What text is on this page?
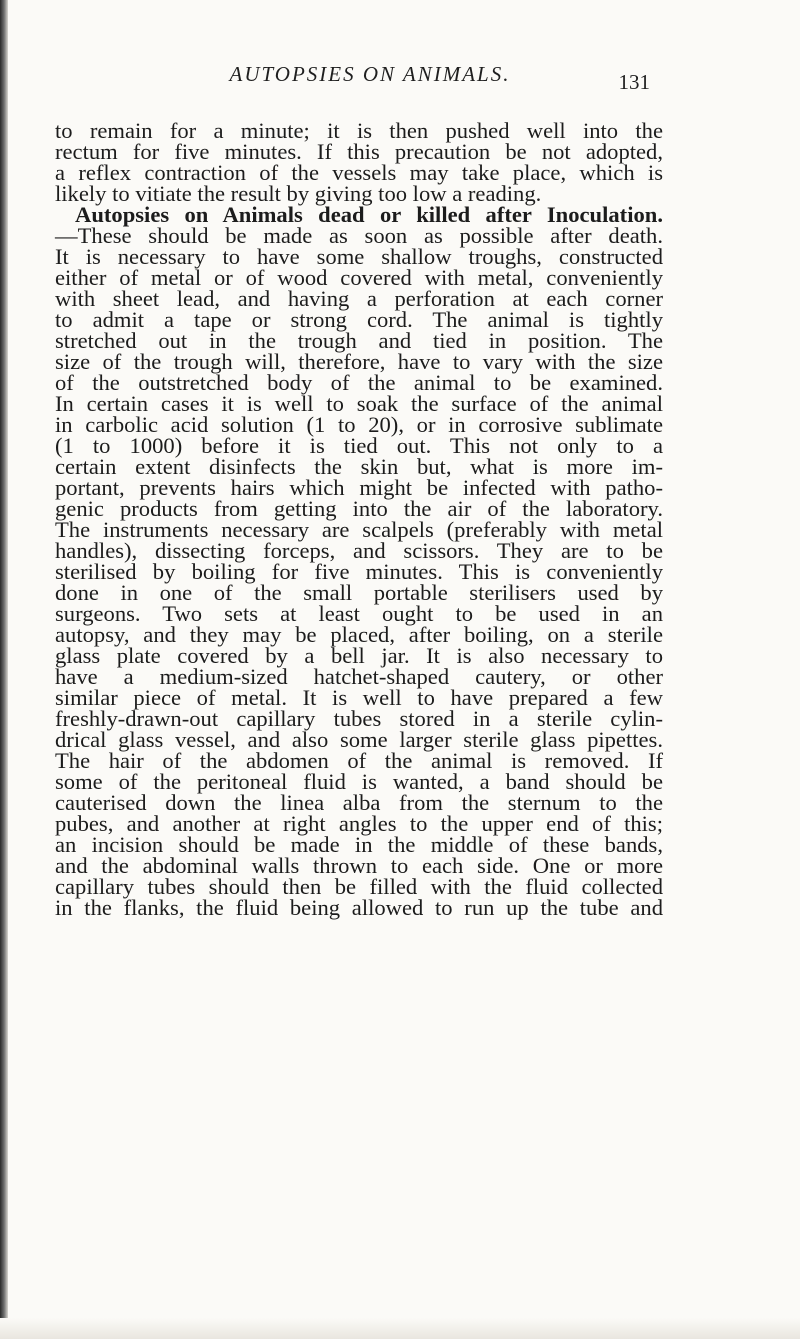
AUTOPSIES ON ANIMALS.	131
to remain for a minute; it is then pushed well into the
rectum for five minutes. If this precaution be not adopted,
a reflex contraction of the vessels may take place, which is
likely to vitiate the result by giving too low a reading.
Autopsies on Animals dead or killed after Inoculation.
—These should be made as soon as possible after death.
It is necessary to have some shallow troughs, constructed
either of metal or of wood covered with metal, conveniently
with sheet lead, and having a perforation at each corner
to admit a tape or strong cord. The animal is tightly
stretched out in the trough and tied in position. The
size of the trough will, therefore, have to vary with the size
of the outstretched body of the animal to be examined.
In certain cases it is well to soak the surface of the animal
in carbolic acid solution (1 to 20), or in corrosive sublimate
(1 to 1000) before it is tied out. This not only to a
certain extent disinfects the skin but, what is more im-
portant, prevents hairs which might be infected with patho-
genic products from getting into the air of the laboratory.
The instruments necessary are scalpels (preferably with metal
handles), dissecting forceps, and scissors. They are to be
sterilised by boiling for five minutes. This is conveniently
done in one of the small portable sterilisers used by
surgeons. Two sets at least ought to be used in an
autopsy, and they may be placed, after boiling, on a sterile
glass plate covered by a bell jar. It is also necessary to
have a medium-sized hatchet-shaped cautery, or other
similar piece of metal. It is well to have prepared a few
freshly-drawn-out capillary tubes stored in a sterile cylin-
drical glass vessel, and also some larger sterile glass pipettes.
The hair of the abdomen of the animal is removed. If
some of the peritoneal fluid is wanted, a band should be
cauterised down the linea alba from the sternum to the
pubes, and another at right angles to the upper end of this;
an incision should be made in the middle of these bands,
and the abdominal walls thrown to each side. One or more
capillary tubes should then be filled with the fluid collected
in the flanks, the fluid being allowed to run up the tube and
